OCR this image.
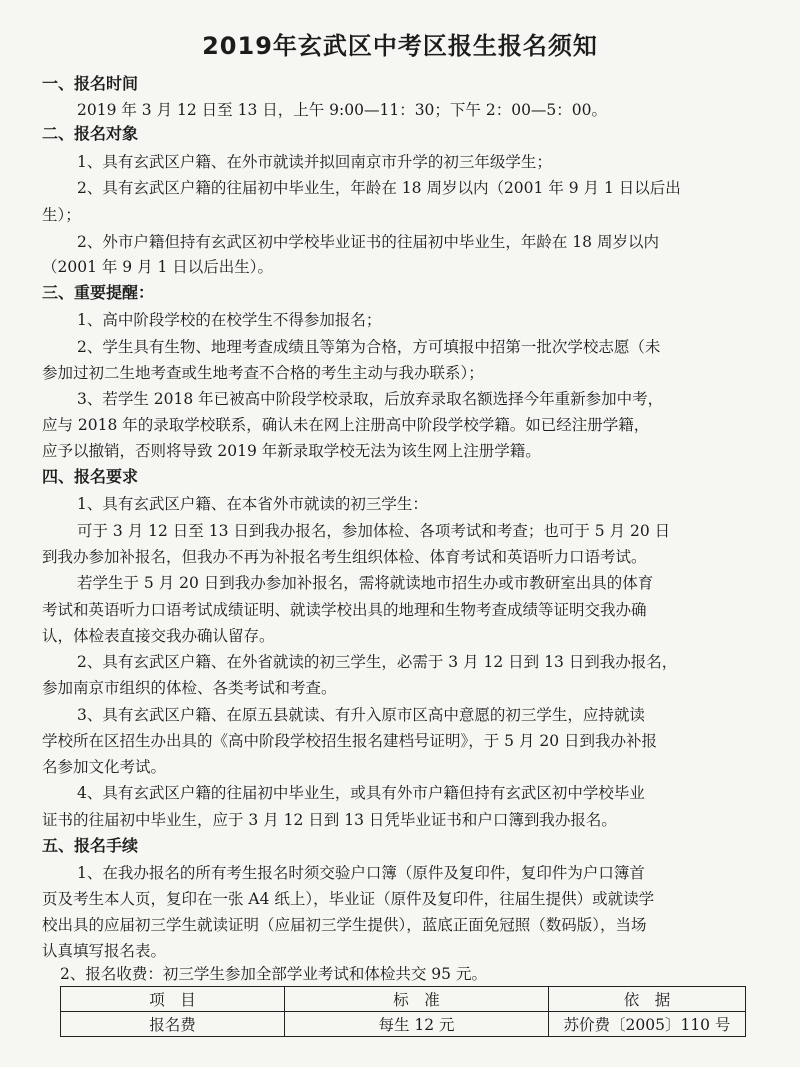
2019年玄武区中考区报生报名须知
一、报名时间
2019 年 3 月 12 日至 13 日，上午 9:00—11：30；下午 2：00—5：00。
二、报名对象
1、具有玄武区户籍、在外市就读并拟回南京市升学的初三年级学生；
2、具有玄武区户籍的往届初中毕业生，年龄在 18 周岁以内（2001 年 9 月 1 日以后出
生）；
2、外市户籍但持有玄武区初中学校毕业证书的往届初中毕业生，年龄在 18 周岁以内
（2001 年 9 月 1 日以后出生）。
三、重要提醒：
1、高中阶段学校的在校学生不得参加报名；
2、学生具有生物、地理考查成绩且等第为合格，方可填报中招第一批次学校志愿（未
参加过初二生地考查或生地考查不合格的考生主动与我办联系）；
3、若学生 2018 年已被高中阶段学校录取，后放弃录取名额选择今年重新参加中考，
应与 2018 年的录取学校联系，确认未在网上注册高中阶段学校学籍。如已经注册学籍，
应予以撤销，否则将导致 2019 年新录取学校无法为该生网上注册学籍。
四、报名要求
1、具有玄武区户籍、在本省外市就读的初三学生：
可于 3 月 12 日至 13 日到我办报名，参加体检、各项考试和考查；也可于 5 月 20 日
到我办参加补报名，但我办不再为补报名考生组织体检、体育考试和英语听力口语考试。
若学生于 5 月 20 日到我办参加补报名，需将就读地市招生办或市教研室出具的体育
考试和英语听力口语考试成绩证明、就读学校出具的地理和生物考查成绩等证明交我办确
认，体检表直接交我办确认留存。
2、具有玄武区户籍、在外省就读的初三学生，必需于 3 月 12 日到 13 日到我办报名，
参加南京市组织的体检、各类考试和考查。
3、具有玄武区户籍、在原五县就读、有升入原市区高中意愿的初三学生，应持就读
学校所在区招生办出具的《高中阶段学校招生报名建档号证明》，于 5 月 20 日到我办补报
名参加文化考试。
4、具有玄武区户籍的往届初中毕业生，或具有外市户籍但持有玄武区初中学校毕业
证书的往届初中毕业生，应于 3 月 12 日到 13 日凭毕业证书和户口簿到我办报名。
五、报名手续
1、在我办报名的所有考生报名时须交验户口簿（原件及复印件，复印件为户口簿首
页及考生本人页，复印在一张 A4 纸上），毕业证（原件及复印件，往届生提供）或就读学
校出具的应届初三学生就读证明（应届初三学生提供），蓝底正面免冠照（数码版），当场
认真填写报名表。
2、报名收费：初三学生参加全部学业考试和体检共交 95 元。
项　目	标　准	依　据
报名费	每生 12 元	苏价费〔2005〕110 号
